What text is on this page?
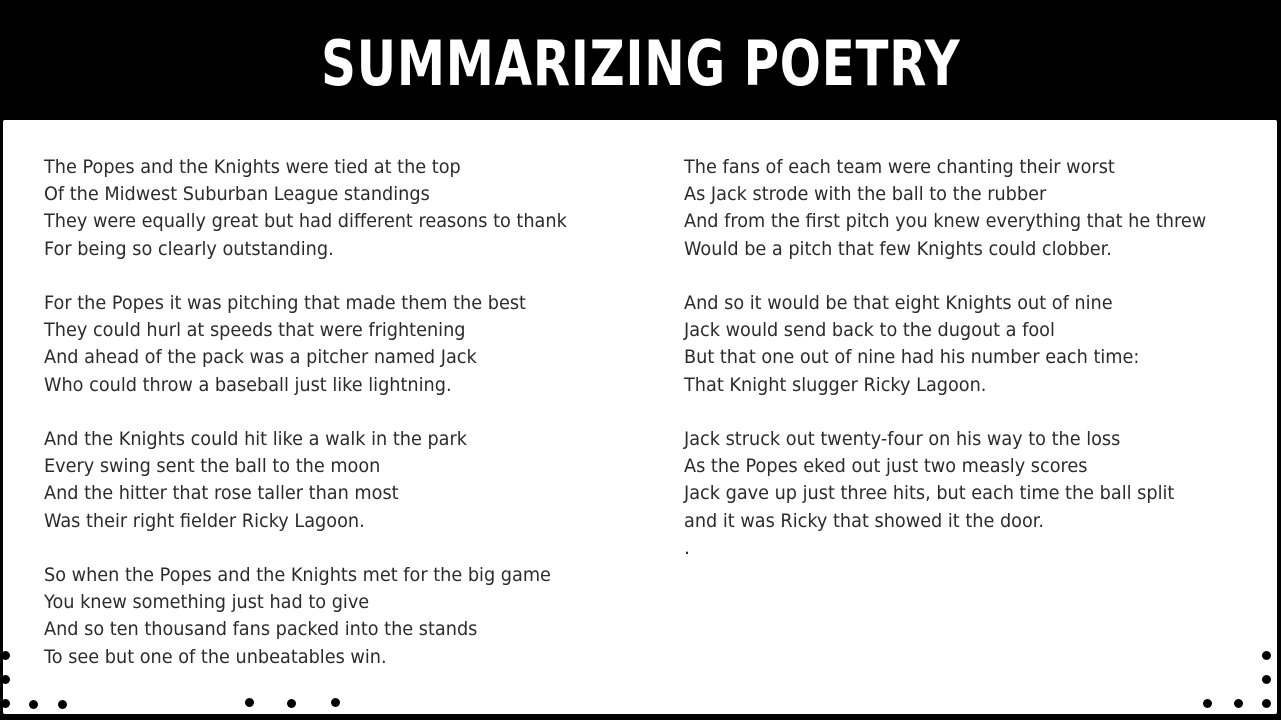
SUMMARIZING POETRY
The Popes and the Knights were tied at the top
Of the Midwest Suburban League standings
They were equally great but had different reasons to thank
For being so clearly outstanding.
For the Popes it was pitching that made them the best
They could hurl at speeds that were frightening
And ahead of the pack was a pitcher named Jack
Who could throw a baseball just like lightning.
And the Knights could hit like a walk in the park
Every swing sent the ball to the moon
And the hitter that rose taller than most
Was their right fielder Ricky Lagoon.
So when the Popes and the Knights met for the big game
You knew something just had to give
And so ten thousand fans packed into the stands
To see but one of the unbeatables win.
The fans of each team were chanting their worst
As Jack strode with the ball to the rubber
And from the first pitch you knew everything that he threw
Would be a pitch that few Knights could clobber.
And so it would be that eight Knights out of nine
Jack would send back to the dugout a fool
But that one out of nine had his number each time:
That Knight slugger Ricky Lagoon.
Jack struck out twenty-four on his way to the loss
As the Popes eked out just two measly scores
Jack gave up just three hits, but each time the ball split
and it was Ricky that showed it the door.
.
